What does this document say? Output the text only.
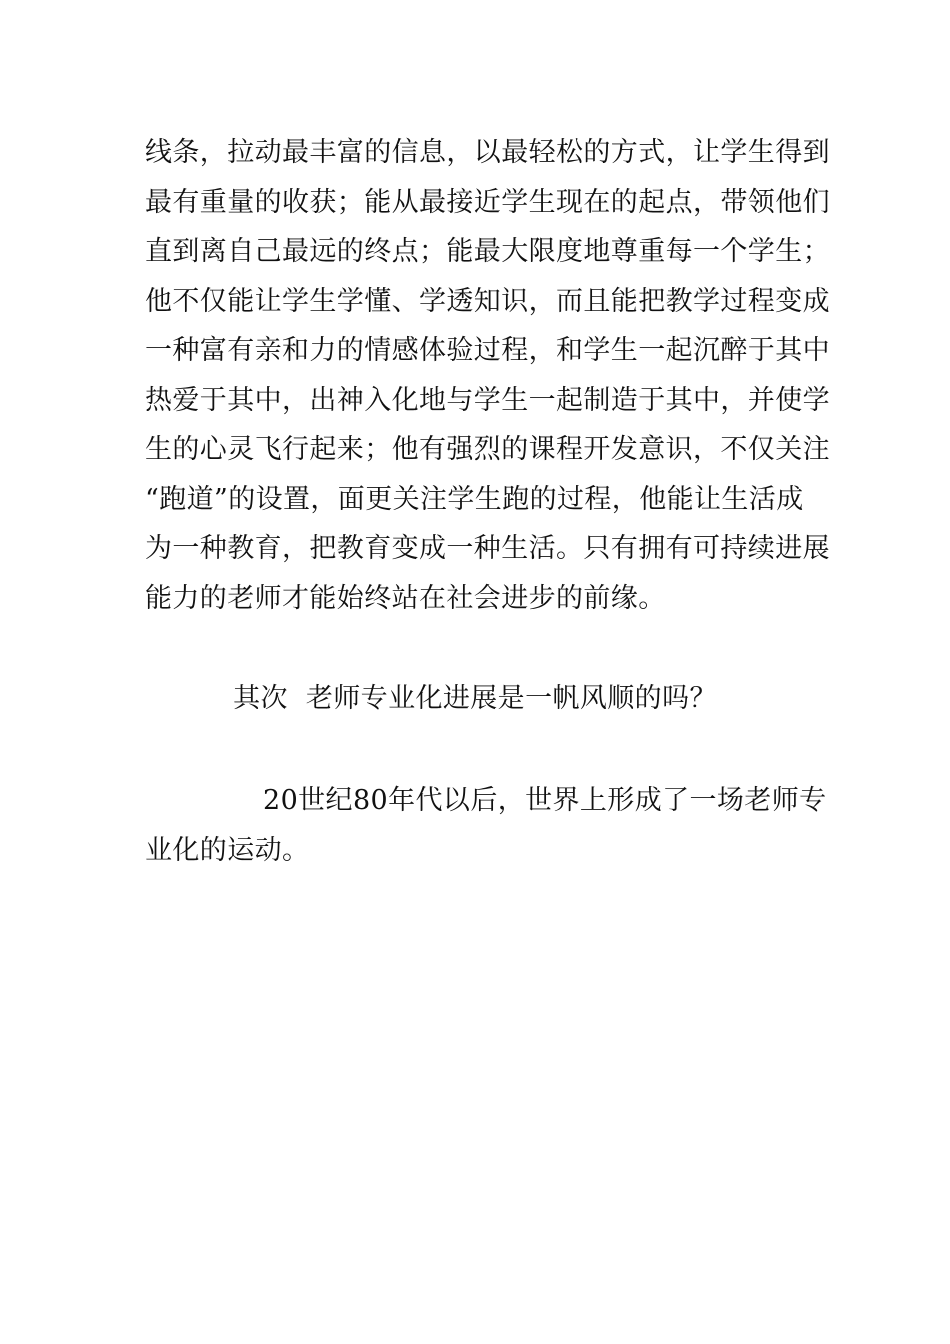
线条，拉动最丰富的信息，以最轻松的方式，让学生得到
最有重量的收获；能从最接近学生现在的起点，带领他们
直到离自己最远的终点；能最大限度地尊重每一个学生；
他不仅能让学生学懂、学透知识，而且能把教学过程变成
一种富有亲和力的情感体验过程，和学生一起沉醉于其中
热爱于其中，出神入化地与学生一起制造于其中，并使学
生的心灵飞行起来；他有强烈的课程开发意识，不仅关注
“跑道”的设置，面更关注学生跑的过程，他能让生活成
为一种教育，把教育变成一种生活。只有拥有可持续进展
能力的老师才能始终站在社会进步的前缘。
其次  老师专业化进展是一帆风顺的吗？
20世纪80年代以后，世界上形成了一场老师专
业化的运动。
